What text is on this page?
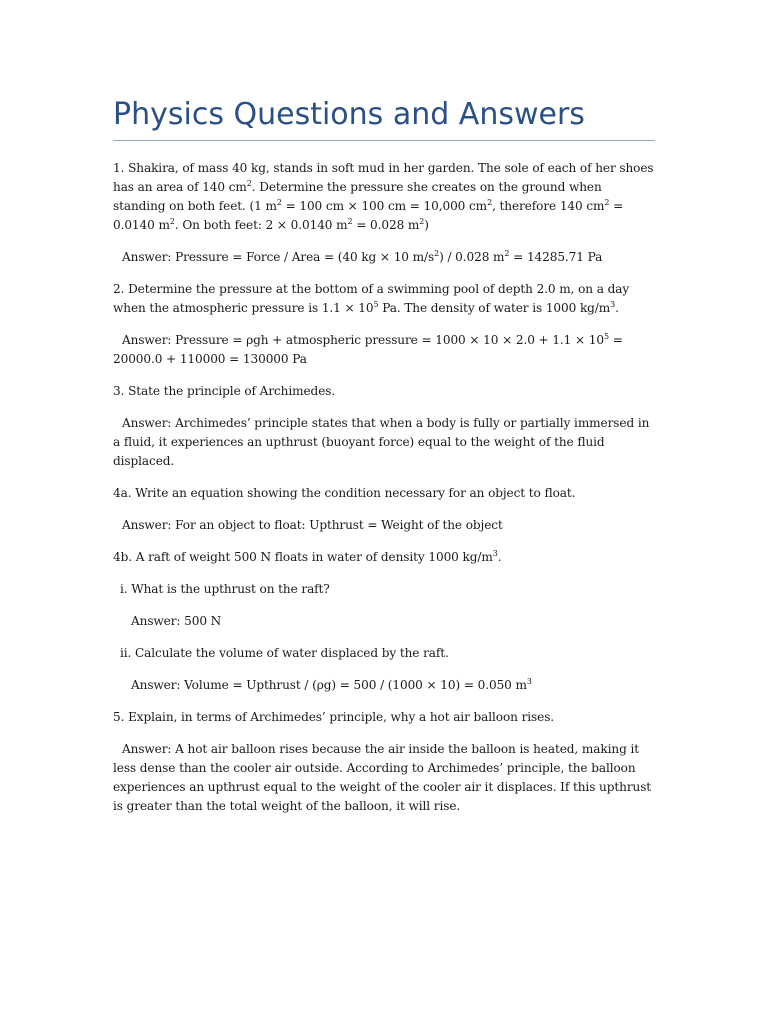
Physics Questions and Answers

1. Shakira, of mass 40 kg, stands in soft mud in her garden. The sole of each of her shoes has an area of 140 $cm^2$. Determine the pressure she creates on the ground when standing on both feet. (1 $m^2 = 100$ cm × 100 cm = 10,000 $cm^2$, therefore 140 $cm^2 = 0.0140$ $m^2$. On both feet: 2 × 0.0140 $m^2 = 0.028$ $m^2$)

Answer: Pressure = Force / Area = (40 kg × 10 $m/s^2) / 0.028$ $m^2 = 14285.71$ Pa

2. Determine the pressure at the bottom of a swimming pool of depth 2.0 m, on a day when the atmospheric pressure is $1.1 \times 10^5$ Pa. The density of water is 1000 $kg/m^3$.

Answer: Pressure = ρgh + atmospheric pressure = $1000 \times 10 \times 2.0 + 1.1 \times 10^5 = 20000.0 + 110000 = 130000$ Pa

3. State the principle of Archimedes.

Answer: Archimedes’ principle states that when a body is fully or partially immersed in a fluid, it experiences an upthrust (buoyant force) equal to the weight of the fluid displaced.

4a. Write an equation showing the condition necessary for an object to float.

Answer: For an object to float: Upthrust = Weight of the object

4b. A raft of weight 500 N floats in water of density 1000 $kg/m^3$.

i. What is the upthrust on the raft?

Answer: 500 N

ii. Calculate the volume of water displaced by the raft.

Answer: Volume = Upthrust / (ρg) = 500 / (1000 × 10) = 0.050 $m^3$

5. Explain, in terms of Archimedes’ principle, why a hot air balloon rises.

Answer: A hot air balloon rises because the air inside the balloon is heated, making it less dense than the cooler air outside. According to Archimedes’ principle, the balloon experiences an upthrust equal to the weight of the cooler air it displaces. If this upthrust is greater than the total weight of the balloon, it will rise.
